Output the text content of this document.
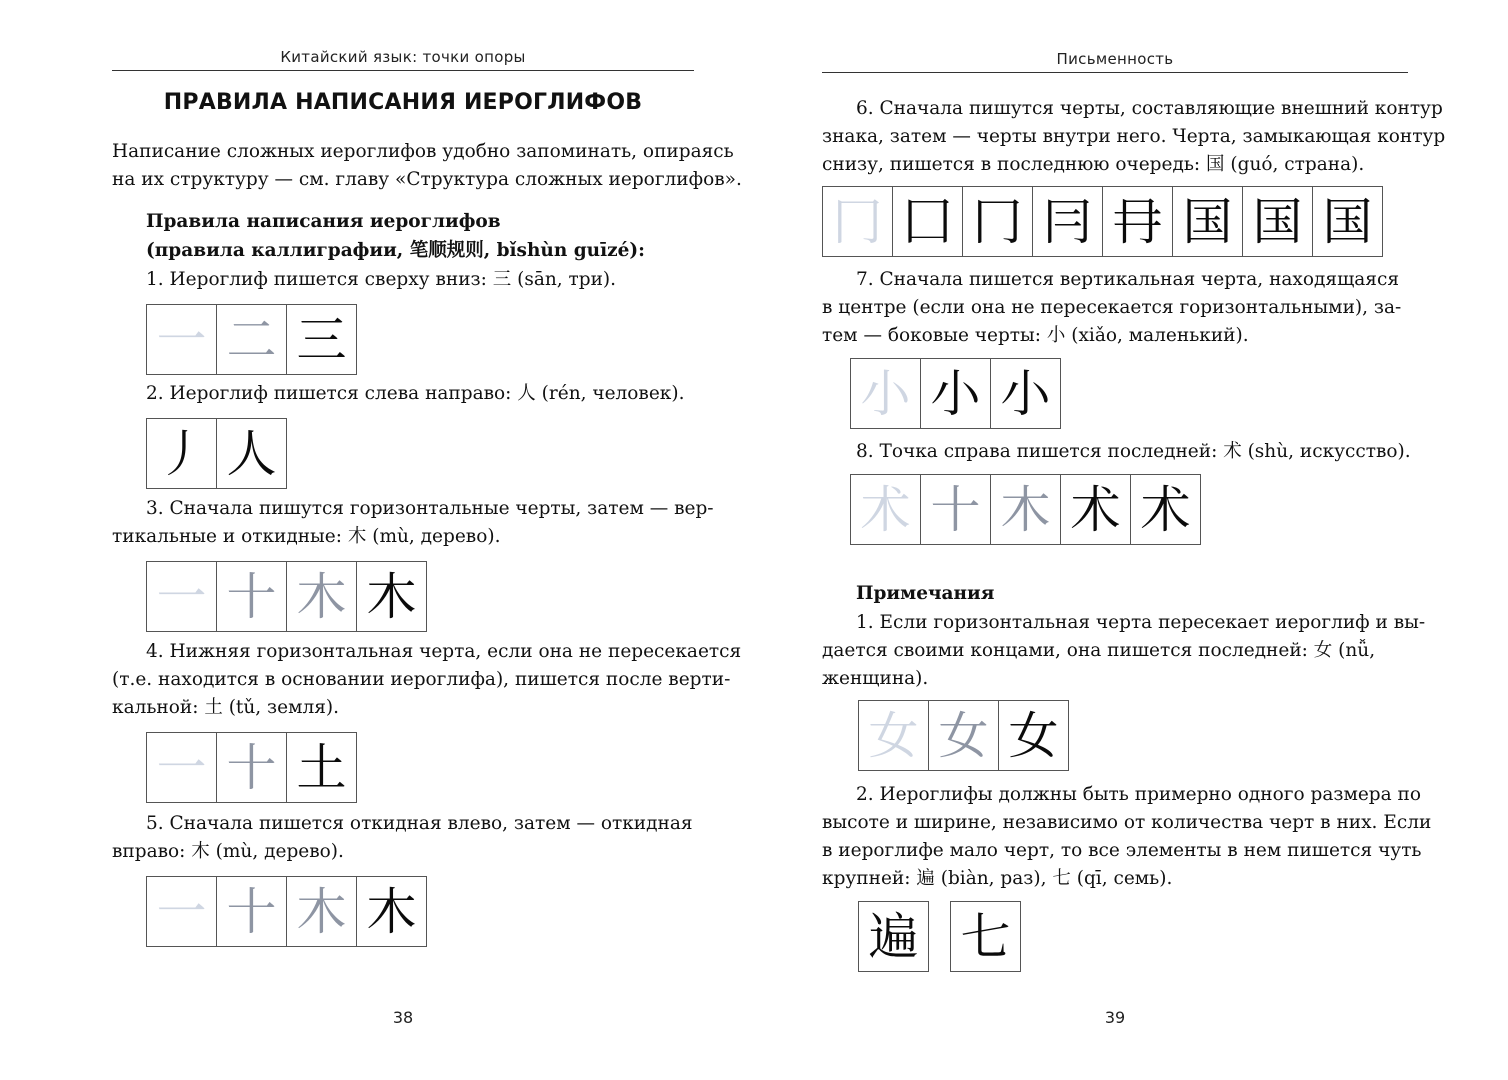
Китайский язык: точки опоры
ПРАВИЛА НАПИСАНИЯ ИЕРОГЛИФОВ
Написание сложных иероглифов удобно запоминать, опираясь
на их структуру — см. главу «Структура сложных иероглифов».
Правила написания иероглифов
(правила каллиграфии, 笔顺规则, bǐshùn guīzé):
1. Иероглиф пишется сверху вниз: 三 (sān, три).
一 二 三
2. Иероглиф пишется слева направо: 人 (rén, человек).
丿 人
3. Сначала пишутся горизонтальные черты, затем — вер-
тикальные и откидные: 木 (mù, дерево).
一 十 木 木
4. Нижняя горизонтальная черта, если она не пересекается
(т.е. находится в основании иероглифа), пишется после верти-
кальной: 土 (tǔ, земля).
一 十 土
5. Сначала пишется откидная влево, затем — откидная
вправо: 木 (mù, дерево).
一 十 木 木
38
Письменность
6. Сначала пишутся черты, составляющие внешний контур
знака, затем — черты внутри него. Черта, замыкающая контур
снизу, пишется в последнюю очередь: 国 (guó, страна).
冂 囗 冂 冃 冄 国 国 国
7. Сначала пишется вертикальная черта, находящаяся
в центре (если она не пересекается горизонтальными), за-
тем — боковые черты: 小 (xiǎo, маленький).
小 小 小
8. Точка справа пишется последней: 术 (shù, искусство).
术 十 木 术 术
Примечания
1. Если горизонтальная черта пересекает иероглиф и вы-
дается своими концами, она пишется последней: 女 (nǚ,
женщина).
女 女 女
2. Иероглифы должны быть примерно одного размера по
высоте и ширине, независимо от количества черт в них. Если
в иероглифе мало черт, то все элементы в нем пишется чуть
крупней: 遍 (biàn, раз), 七 (qī, семь).
遍 七
39
